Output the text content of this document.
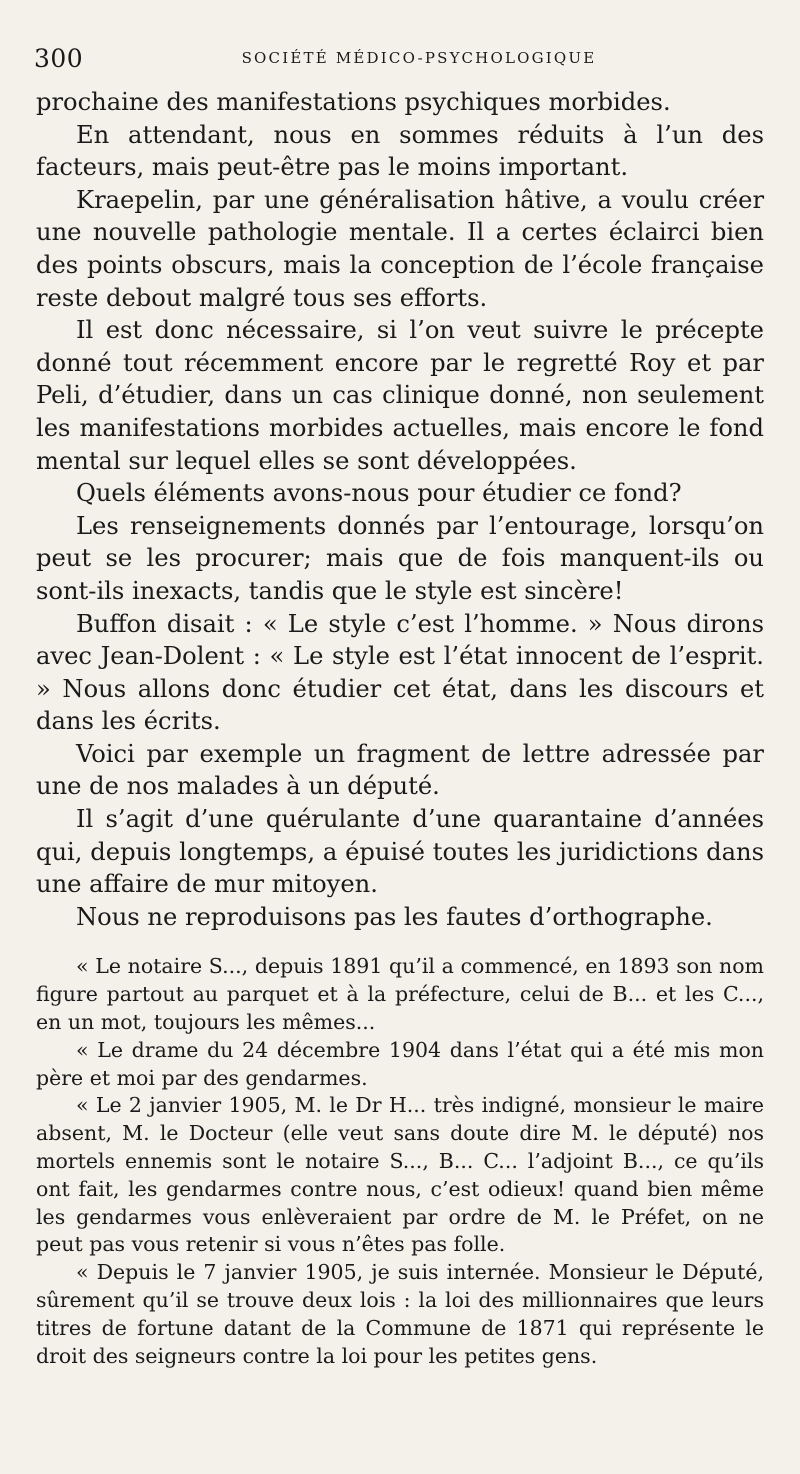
300	SOCIÉTÉ MÉDICO-PSYCHOLOGIQUE

prochaine des manifestations psychiques morbides.

En attendant, nous en sommes réduits à l’un des facteurs, mais peut-être pas le moins important.

Kraepelin, par une généralisation hâtive, a voulu créer une nouvelle pathologie mentale. Il a certes éclairci bien des points obscurs, mais la conception de l’école française reste debout malgré tous ses efforts.

Il est donc nécessaire, si l’on veut suivre le précepte donné tout récemment encore par le regretté Roy et par Peli, d’étudier, dans un cas clinique donné, non seulement les manifestations morbides actuelles, mais encore le fond mental sur lequel elles se sont développées.

Quels éléments avons-nous pour étudier ce fond?

Les renseignements donnés par l’entourage, lorsqu’on peut se les procurer; mais que de fois manquent-ils ou sont-ils inexacts, tandis que le style est sincère!

Buffon disait : « Le style c’est l’homme. » Nous dirons avec Jean-Dolent : « Le style est l’état innocent de l’esprit. » Nous allons donc étudier cet état, dans les discours et dans les écrits.

Voici par exemple un fragment de lettre adressée par une de nos malades à un député.

Il s’agit d’une quérulante d’une quarantaine d’années qui, depuis longtemps, a épuisé toutes les juridictions dans une affaire de mur mitoyen.

Nous ne reproduisons pas les fautes d’orthographe.

« Le notaire S..., depuis 1891 qu’il a commencé, en 1893 son nom figure partout au parquet et à la préfecture, celui de B... et les C..., en un mot, toujours les mêmes...

« Le drame du 24 décembre 1904 dans l’état qui a été mis mon père et moi par des gendarmes.

« Le 2 janvier 1905, M. le Dr H... très indigné, monsieur le maire absent, M. le Docteur (elle veut sans doute dire M. le député) nos mortels ennemis sont le notaire S..., B... C... l’adjoint B..., ce qu’ils ont fait, les gendarmes contre nous, c’est odieux! quand bien même les gendarmes vous enlèveraient par ordre de M. le Préfet, on ne peut pas vous retenir si vous n’êtes pas folle.

« Depuis le 7 janvier 1905, je suis internée. Monsieur le Député, sûrement qu’il se trouve deux lois : la loi des millionnaires que leurs titres de fortune datant de la Commune de 1871 qui représente le droit des seigneurs contre la loi pour les petites gens.
